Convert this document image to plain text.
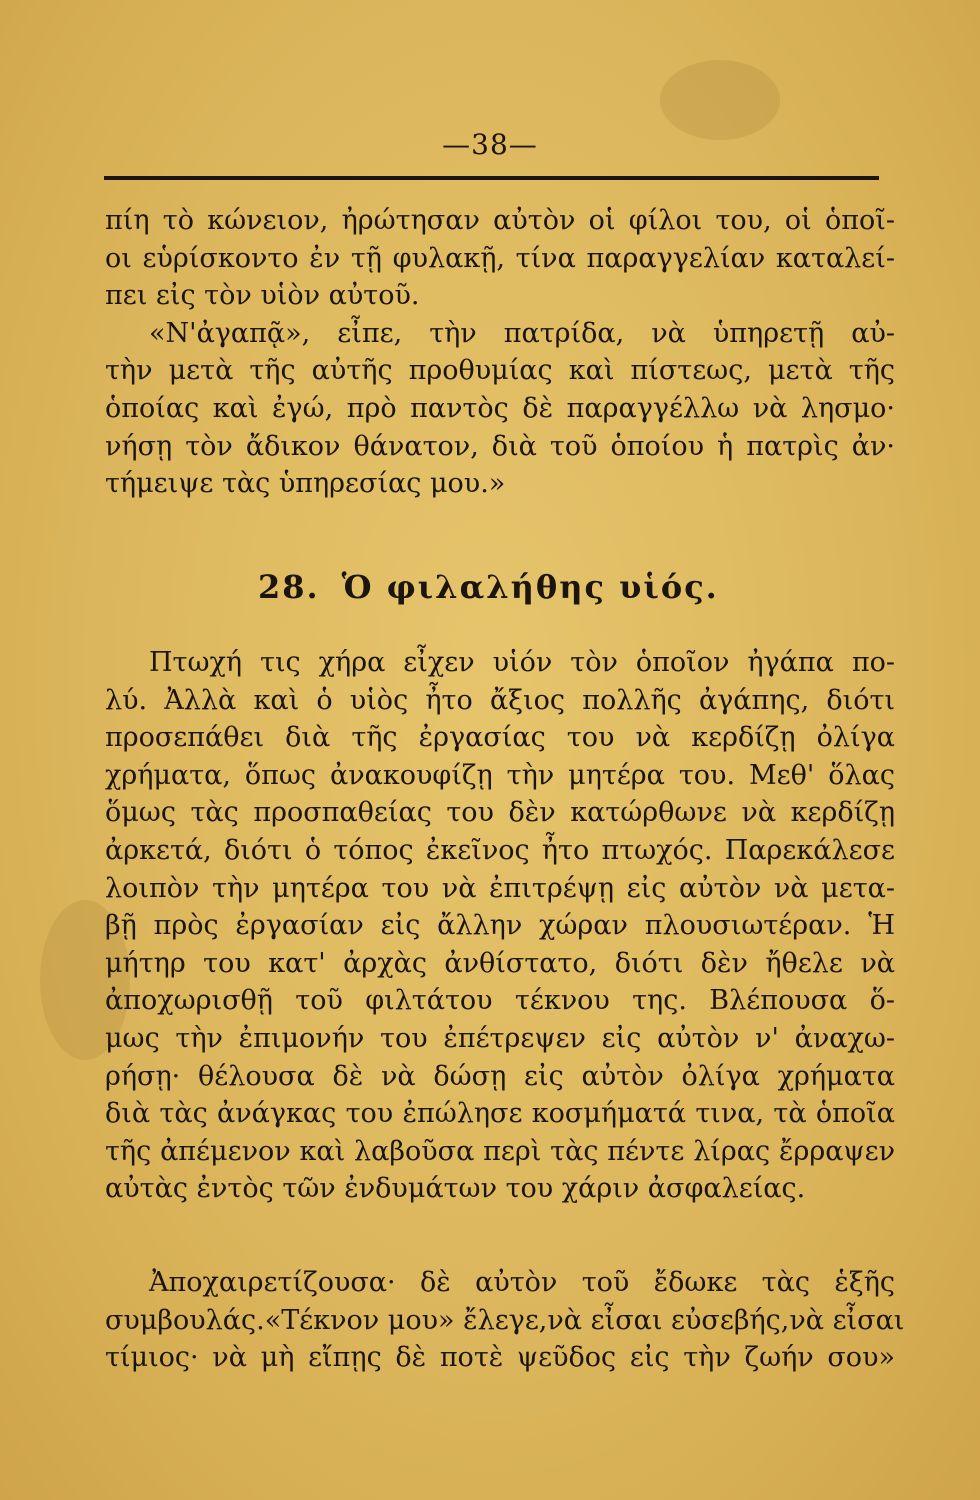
—38—
πίη τὸ κώνειον, ἠρώτησαν αὐτὸν οἱ φίλοι του, οἱ ὁποῖ-
οι εὑρίσκοντο ἐν τῇ φυλακῇ, τίνα παραγγελίαν καταλεί-
πει εἰς τὸν υἱὸν αὐτοῦ.
«Ν'ἀγαπᾷ», εἶπε, τὴν πατρίδα, νὰ ὑπηρετῇ αὐ-
τὴν μετὰ τῆς αὐτῆς προθυμίας καὶ πίστεως, μετὰ τῆς
ὁποίας καὶ ἐγώ, πρὸ παντὸς δὲ παραγγέλλω νὰ λησμο·
νήσῃ τὸν ἄδικον θάνατον, διὰ τοῦ ὁποίου ἡ πατρὶς ἀν·
τήμειψε τὰς ὑπηρεσίας μου.»
28. Ὁ φιλαλήθης υἱός.
Πτωχή τις χήρα εἶχεν υἱόν τὸν ὁποῖον ἠγάπα πο-
λύ. Ἀλλὰ καὶ ὁ υἱὸς ἦτο ἄξιος πολλῆς ἀγάπης, διότι
προσεπάθει διὰ τῆς ἐργασίας του νὰ κερδίζῃ ὀλίγα
χρήματα, ὅπως ἀνακουφίζῃ τὴν μητέρα του. Μεθ' ὅλας
ὅμως τὰς προσπαθείας του δὲν κατώρθωνε νὰ κερδίζῃ
ἀρκετά, διότι ὁ τόπος ἐκεῖνος ἦτο πτωχός. Παρεκάλεσε
λοιπὸν τὴν μητέρα του νὰ ἐπιτρέψῃ εἰς αὐτὸν νὰ μετα-
βῇ πρὸς ἐργασίαν εἰς ἄλλην χώραν πλουσιωτέραν. Ἡ
μήτηρ του κατ' ἀρχὰς ἀνθίστατο, διότι δὲν ἤθελε νὰ
ἀποχωρισθῇ τοῦ φιλτάτου τέκνου της. Βλέπουσα ὅ-
μως τὴν ἐπιμονήν του ἐπέτρεψεν εἰς αὐτὸν ν' ἀναχω-
ρήσῃ· θέλουσα δὲ νὰ δώσῃ εἰς αὐτὸν ὀλίγα χρήματα
διὰ τὰς ἀνάγκας του ἐπώλησε κοσμήματά τινα, τὰ ὁποῖα
τῆς ἀπέμενον καὶ λαβοῦσα περὶ τὰς πέντε λίρας ἔρραψεν
αὐτὰς ἐντὸς τῶν ἐνδυμάτων του χάριν ἀσφαλείας.
Ἀποχαιρετίζουσα· δὲ αὐτὸν τοῦ ἔδωκε τὰς ἑξῆς
συμβουλάς.«Τέκνον μου» ἔλεγε,νὰ εἶσαι εὐσεβής,νὰ εἶσαι
τίμιος· νὰ μὴ εἴπῃς δὲ ποτὲ ψεῦδος εἰς τὴν ζωήν σου»
